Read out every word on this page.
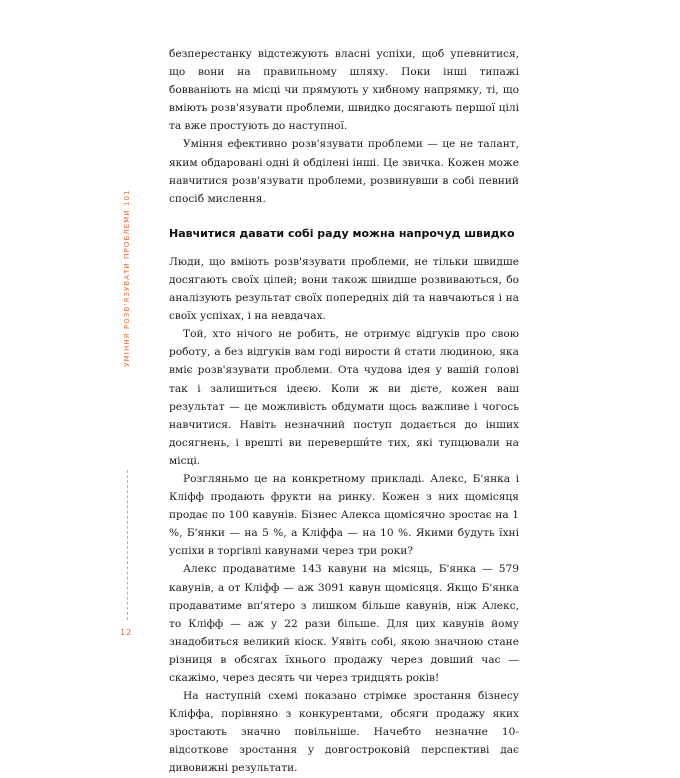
УМІННЯ РОЗВ'ЯЗУВАТИ ПРОБЛЕМИ 101

безперестанку відстежують власні успіхи, щоб упевнитися, що вони на правильному шляху. Поки інші типажі бовваніють на місці чи прямують у хибному напрямку, ті, що вміють розв'язувати проблеми, швидко досягають першої цілі та вже простують до наступної.

Уміння ефективно розв'язувати проблеми — це не талант, яким обдаровані одні й обділені інші. Це звичка. Кожен може навчитися розв'язувати проблеми, розвинувши в собі певний спосіб мислення.

Навчитися давати собі раду можна напрочуд швидко

Люди, що вміють розв'язувати проблеми, не тільки швидше досягають своїх цілей; вони також швидше розвиваються, бо аналізують результат своїх попередніх дій та навчаються і на своїх успіхах, і на невдачах.

Той, хто нічого не робить, не отримує відгуків про свою роботу, а без відгуків вам годі вирости й стати людиною, яка вміє розв'язувати проблеми. Ота чудова ідея у вашій голові так і залишиться ідеєю. Коли ж ви дієте, кожен ваш результат — це можливість обдумати щось важливе і чогось навчитися. Навіть незначний поступ додається до інших досягнень, і врешті ви переверши́те тих, які тупцювали на місці.

Розгляньмо це на конкретному прикладі. Алекс, Б'янка і Кліфф продають фрукти на ринку. Кожен з них щомісяця продає по 100 кавунів. Бізнес Алекса щомісячно зростає на 1 %, Б'янки — на 5 %, а Кліффа — на 10 %. Якими будуть їхні успіхи в торгівлі кавунами через три роки?

Алекс продаватиме 143 кавуни на місяць, Б'янка — 579 кавунів, а от Кліфф — аж 3091 кавун щомісяця. Якщо Б'янка продаватиме вп'ятеро з лишком більше кавунів, ніж Алекс, то Кліфф — аж у 22 рази більше. Для цих кавунів йому знадобиться великий кіоск. Уявіть собі, якою значною стане різниця в обсягах їхнього продажу через довший час — скажімо, через десять чи через тридцять років!

На наступній схемі показано стрімке зростання бізнесу Кліффа, порівняно з конкурентами, обсяги продажу яких зростають значно повільніше. Начебто незначне 10-відсоткове зростання у довгостроковій перспективі дає дивовижні результати.

12
